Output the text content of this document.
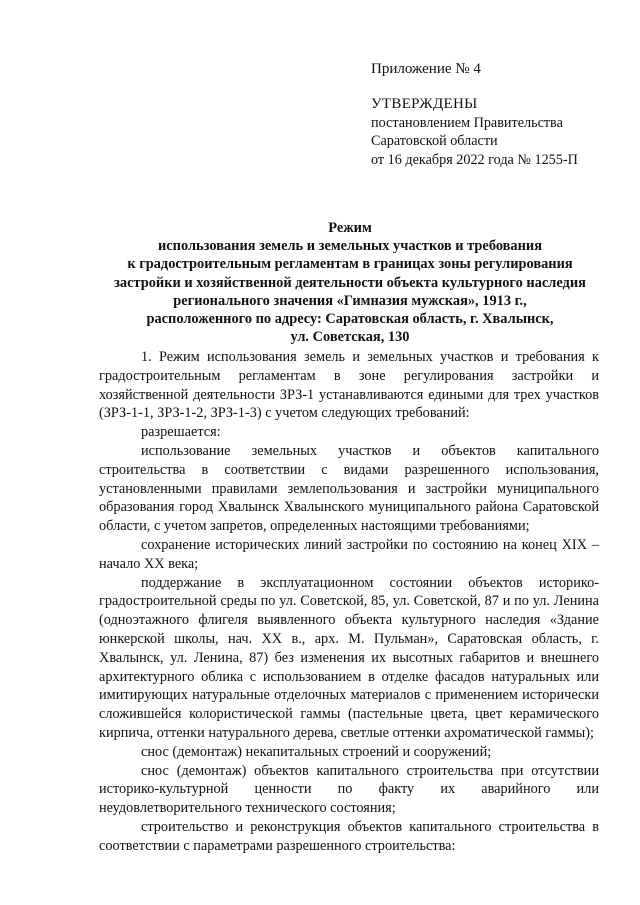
Приложение № 4
УТВЕРЖДЕНЫ
постановлением Правительства
Саратовской области
от 16 декабря 2022 года № 1255-П
Режим
использования земель и земельных участков и требования
к градостроительным регламентам в границах зоны регулирования
застройки и хозяйственной деятельности объекта культурного наследия
регионального значения «Гимназия мужская», 1913 г.,
расположенного по адресу: Саратовская область, г. Хвалынск,
ул. Советская, 130

1. Режим использования земель и земельных участков и требования к градостроительным регламентам в зоне регулирования застройки и хозяйственной деятельности ЗРЗ-1 устанавливаются едиными для трех участков (ЗРЗ-1-1, ЗРЗ-1-2, ЗРЗ-1-3) с учетом следующих требований:

разрешается:

использование земельных участков и объектов капитального строительства в соответствии с видами разрешенного использования, установленными правилами землепользования и застройки муниципального образования город Хвалынск Хвалынского муниципального района Саратовской области, с учетом запретов, определенных настоящими требованиями;

сохранение исторических линий застройки по состоянию на конец XIX – начало XX века;

поддержание в эксплуатационном состоянии объектов историко-градостроительной среды по ул. Советской, 85, ул. Советской, 87 и по ул. Ленина (одноэтажного флигеля выявленного объекта культурного наследия «Здание юнкерской школы, нач. XX в., арх. М. Пульман», Саратовская область, г. Хвалынск, ул. Ленина, 87) без изменения их высотных габаритов и внешнего архитектурного облика с использованием в отделке фасадов натуральных или имитирующих натуральные отделочных материалов с применением исторически сложившейся колористической гаммы (пастельные цвета, цвет керамического кирпича, оттенки натурального дерева, светлые оттенки ахроматической гаммы);

снос (демонтаж) некапитальных строений и сооружений;

снос (демонтаж) объектов капитального строительства при отсутствии историко-культурной ценности по факту их аварийного или неудовлетворительного технического состояния;

строительство и реконструкция объектов капитального строительства в соответствии с параметрами разрешенного строительства:
